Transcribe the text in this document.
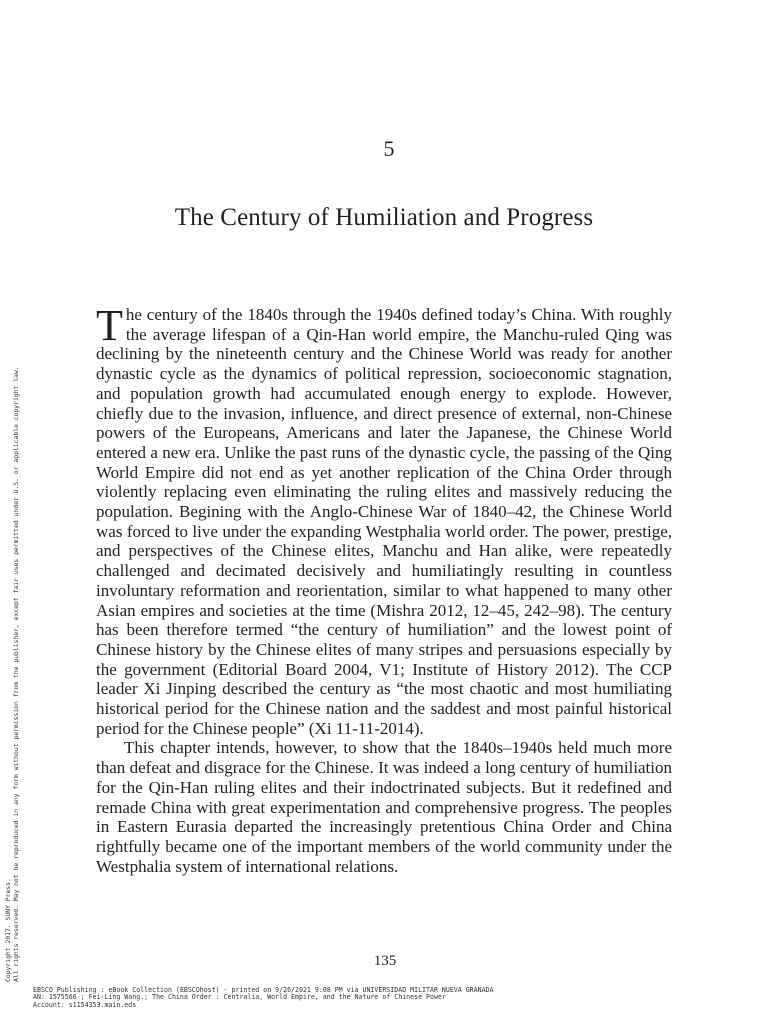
5
The Century of Humiliation and Progress

The century of the 1840s through the 1940s defined today’s China. With roughly the average lifespan of a Qin-Han world empire, the Manchu-ruled Qing was declining by the nineteenth century and the Chinese World was ready for another dynastic cycle as the dynamics of political repression, socioeconomic stagnation, and population growth had accumulated enough energy to explode. However, chiefly due to the invasion, influence, and direct presence of external, non-Chinese powers of the Europeans, Americans and later the Japanese, the Chinese World entered a new era. Unlike the past runs of the dynastic cycle, the passing of the Qing World Empire did not end as yet another replication of the China Order through violently replacing even eliminating the ruling elites and massively reducing the population. Begining with the Anglo-Chinese War of 1840–42, the Chinese World was forced to live under the expanding Westphalia world order. The power, prestige, and perspectives of the Chinese elites, Manchu and Han alike, were repeatedly challenged and decimated decisively and humiliatingly resulting in countless involuntary reformation and reorientation, similar to what happened to many other Asian empires and societies at the time (Mishra 2012, 12–45, 242–98). The century has been therefore termed “the century of humiliation” and the lowest point of Chinese history by the Chinese elites of many stripes and persuasions especially by the government (Editorial Board 2004, V1; Institute of History 2012). The CCP leader Xi Jinping described the century as “the most chaotic and most humiliating historical period for the Chinese nation and the saddest and most painful historical period for the Chinese people” (Xi 11-11-2014).

This chapter intends, however, to show that the 1840s–1940s held much more than defeat and disgrace for the Chinese. It was indeed a long century of humiliation for the Qin-Han ruling elites and their indoctrinated subjects. But it redefined and remade China with great experimentation and comprehensive progress. The peoples in Eastern Eurasia departed the increasingly pretentious China Order and China rightfully became one of the important members of the world community under the Westphalia system of international relations.

135
EBSCO Publishing : eBook Collection (EBSCOhost) - printed on 9/26/2021 9:08 PM via UNIVERSIDAD MILITAR NUEVA GRANADA
AN: 1575566 ; Fei-Ling Wang.; The China Order : Centralia, World Empire, and the Nature of Chinese Power
Account: s1154353.main.eds
Copyright 2017. SUNY Press. All rights reserved. May not be reproduced in any form without permission from the publisher, except fair uses permitted under U.S. or applicable copyright law.
